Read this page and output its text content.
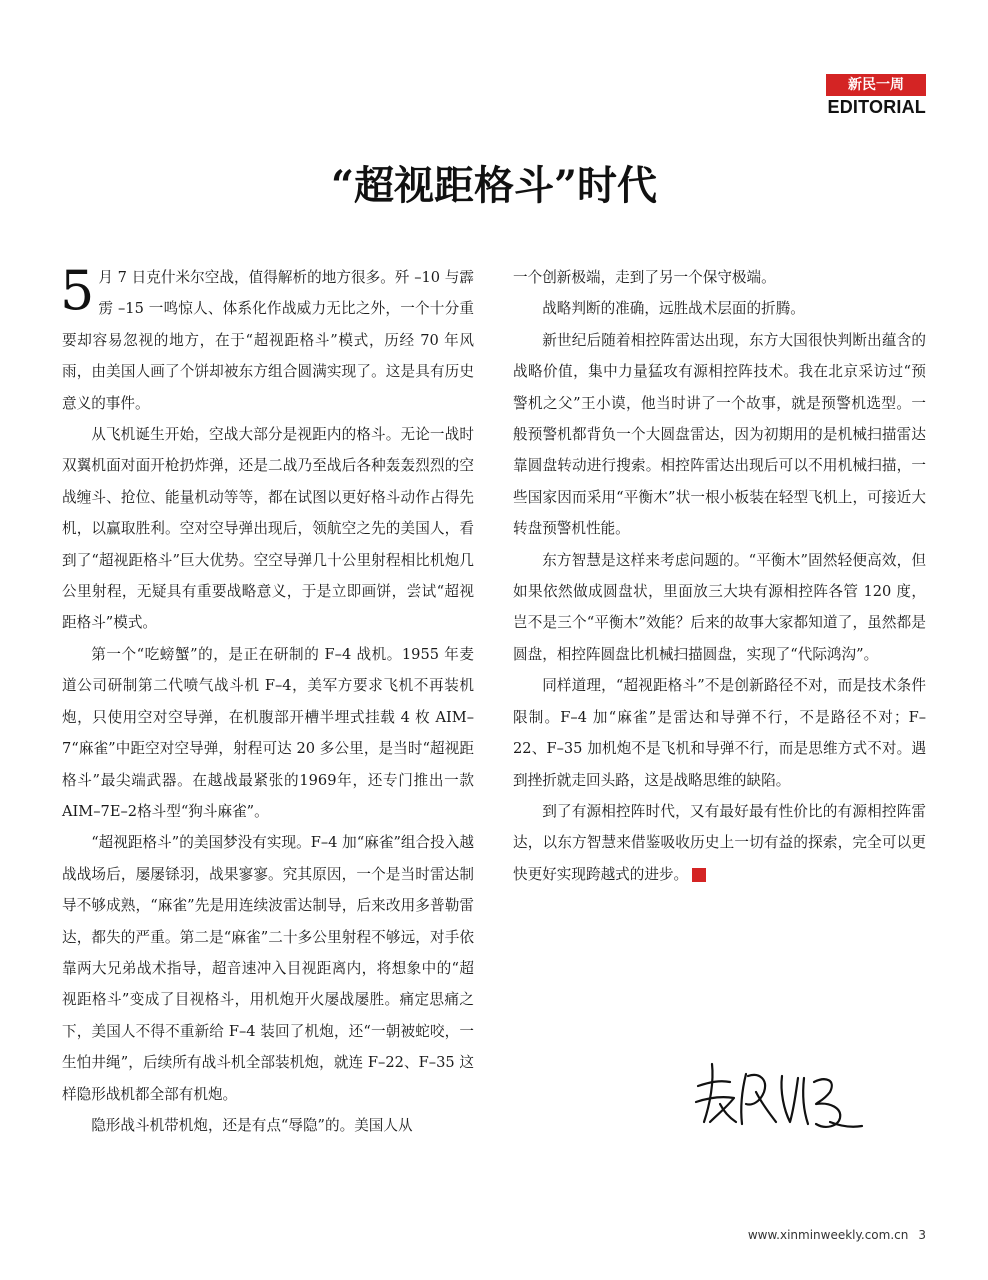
新民一周
EDITORIAL
“超视距格斗”时代

5 月 7 日克什米尔空战，值得解析的地方很多。歼 –10 与霹雳 –15 一鸣惊人、体系化作战威力无比之外，一个十分重要却容易忽视的地方，在于“超视距格斗”模式，历经 70 年风雨，由美国人画了个饼却被东方组合圆满实现了。这是具有历史意义的事件。

从飞机诞生开始，空战大部分是视距内的格斗。无论一战时双翼机面对面开枪扔炸弹，还是二战乃至战后各种轰轰烈烈的空战缠斗、抢位、能量机动等等，都在试图以更好格斗动作占得先机，以赢取胜利。空对空导弹出现后，领航空之先的美国人，看到了“超视距格斗”巨大优势。空空导弹几十公里射程相比机炮几公里射程，无疑具有重要战略意义，于是立即画饼，尝试“超视距格斗”模式。

第一个“吃螃蟹”的，是正在研制的 F–4 战机。1955 年麦道公司研制第二代喷气战斗机 F–4，美军方要求飞机不再装机炮，只使用空对空导弹，在机腹部开槽半埋式挂载 4 枚 AIM–7“麻雀”中距空对空导弹，射程可达 20 多公里，是当时“超视距格斗”最尖端武器。在越战最紧张的1969年，还专门推出一款AIM–7E–2格斗型“狗斗麻雀”。

“超视距格斗”的美国梦没有实现。F–4 加“麻雀”组合投入越战战场后，屡屡铩羽，战果寥寥。究其原因，一个是当时雷达制导不够成熟，“麻雀”先是用连续波雷达制导，后来改用多普勒雷达，都失的严重。第二是“麻雀”二十多公里射程不够远，对手依靠两大兄弟战术指导，超音速冲入目视距离内，将想象中的“超视距格斗”变成了目视格斗，用机炮开火屡战屡胜。痛定思痛之下，美国人不得不重新给 F–4 装回了机炮，还“一朝被蛇咬，一生怕井绳”，后续所有战斗机全部装机炮，就连 F–22、F–35 这样隐形战机都全部有机炮。

隐形战斗机带机炮，还是有点“辱隐”的。美国人从

一个创新极端，走到了另一个保守极端。

战略判断的准确，远胜战术层面的折腾。

新世纪后随着相控阵雷达出现，东方大国很快判断出蕴含的战略价值，集中力量猛攻有源相控阵技术。我在北京采访过“预警机之父”王小谟，他当时讲了一个故事，就是预警机选型。一般预警机都背负一个大圆盘雷达，因为初期用的是机械扫描雷达靠圆盘转动进行搜索。相控阵雷达出现后可以不用机械扫描，一些国家因而采用“平衡木”状一根小板装在轻型飞机上，可接近大转盘预警机性能。

东方智慧是这样来考虑问题的。“平衡木”固然轻便高效，但如果依然做成圆盘状，里面放三大块有源相控阵各管 120 度，岂不是三个“平衡木”效能？后来的故事大家都知道了，虽然都是圆盘，相控阵圆盘比机械扫描圆盘，实现了“代际鸿沟”。

同样道理，“超视距格斗”不是创新路径不对，而是技术条件限制。F–4 加“麻雀”是雷达和导弹不行，不是路径不对；F–22、F–35 加机炮不是飞机和导弹不行，而是思维方式不对。遇到挫折就走回头路，这是战略思维的缺陷。

到了有源相控阵时代，又有最好最有性价比的有源相控阵雷达，以东方智慧来借鉴吸收历史上一切有益的探索，完全可以更快更好实现跨越式的进步。	民

www.xinminweekly.com.cn 3
